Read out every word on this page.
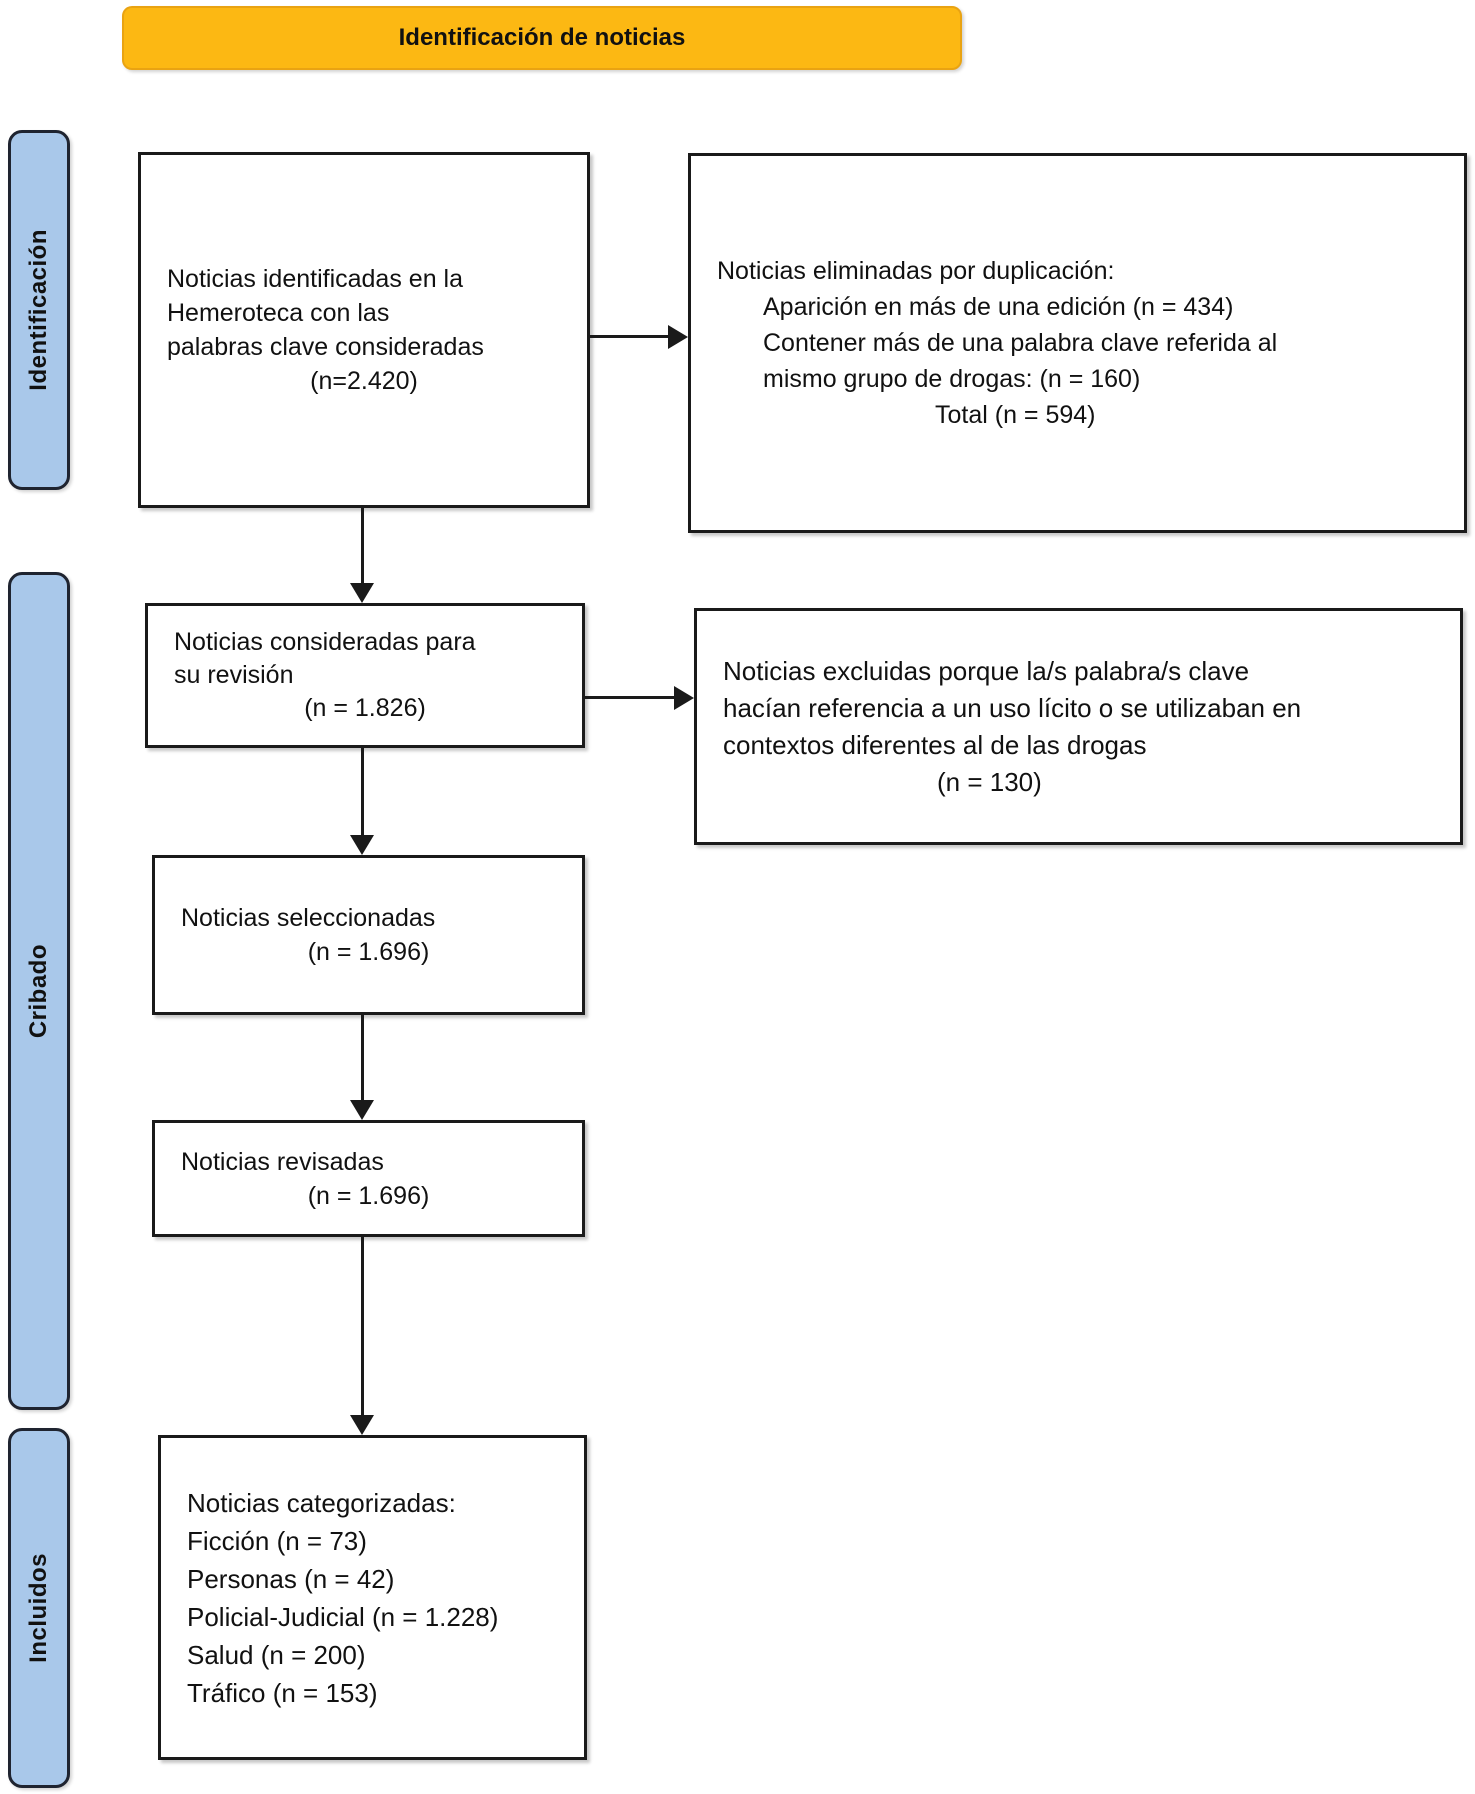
Identificación de noticias
Identificación
Cribado
Incluidos
Noticias identificadas en la
Hemeroteca con las
palabras clave consideradas
(n=2.420)
Noticias eliminadas por duplicación:
Aparición en más de una edición (n = 434)
Contener más de una palabra clave referida al
mismo grupo de drogas: (n = 160)
Total (n = 594)
Noticias consideradas para
su revisión
(n = 1.826)
Noticias excluidas porque la/s palabra/s clave
hacían referencia a un uso lícito o se utilizaban en
contextos diferentes al de las drogas
(n = 130)
Noticias seleccionadas
(n = 1.696)
Noticias revisadas
(n = 1.696)
Noticias categorizadas:
Ficción (n = 73)
Personas (n = 42)
Policial-Judicial (n = 1.228)
Salud (n = 200)
Tráfico (n = 153)
